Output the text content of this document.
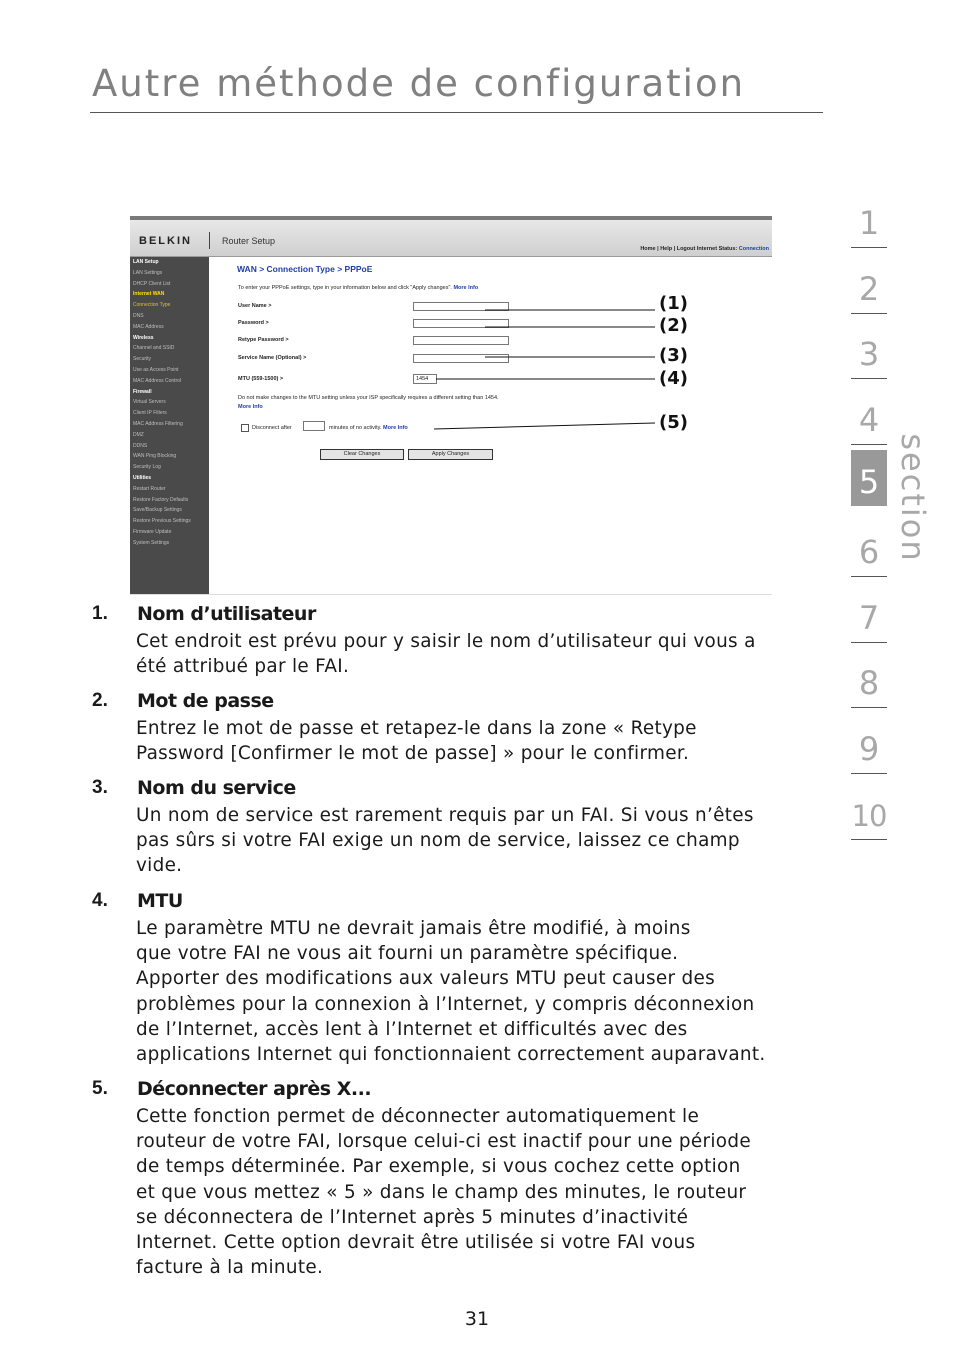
Autre méthode de configuration
1
2
3
4
5
6
7
8
9
10
section
BELKIN	Router Setup
Home | Help | Logout Internet Status: Connection
LAN Setup
LAN Settings
DHCP Client List
Internet WAN
Connection Type
DNS
MAC Address
Wireless
Channel and SSID
Security
Use as Access Point
MAC Address Control
Firewall
Virtual Servers
Client IP Filters
MAC Address Filtering
DMZ
DDNS
WAN Ping Blocking
Security Log
Utilities
Restart Router
Restore Factory Defaults
Save/Backup Settings
Restore Previous Settings
Firmware Update
System Settings
WAN > Connection Type > PPPoE
To enter your PPPoE settings, type in your information below and click "Apply changes". More Info
User Name >
Password >
Retype Password >
Service Name (Optional) >
MTU (559-1500) >	1454
Do not make changes to the MTU setting unless your ISP specifically requires a different setting than 1454.
More Info
Disconnect after	minutes of no activity. More Info
Clear Changes	Apply Changes
(1)
(2)
(3)
(4)
(5)
1. Nom d’utilisateur
Cet endroit est prévu pour y saisir le nom d’utilisateur qui vous a
été attribué par le FAI.
2. Mot de passe
Entrez le mot de passe et retapez-le dans la zone « Retype
Password [Confirmer le mot de passe] » pour le confirmer.
3. Nom du service
Un nom de service est rarement requis par un FAI. Si vous n’êtes
pas sûrs si votre FAI exige un nom de service, laissez ce champ
vide.
4. MTU
Le paramètre MTU ne devrait jamais être modifié, à moins
que votre FAI ne vous ait fourni un paramètre spécifique.
Apporter des modifications aux valeurs MTU peut causer des
problèmes pour la connexion à l’Internet, y compris déconnexion
de l’Internet, accès lent à l’Internet et difficultés avec des
applications Internet qui fonctionnaient correctement auparavant.
5. Déconnecter après X...
Cette fonction permet de déconnecter automatiquement le
routeur de votre FAI, lorsque celui-ci est inactif pour une période
de temps déterminée. Par exemple, si vous cochez cette option
et que vous mettez « 5 » dans le champ des minutes, le routeur
se déconnectera de l’Internet après 5 minutes d’inactivité
Internet. Cette option devrait être utilisée si votre FAI vous
facture à la minute.
31
